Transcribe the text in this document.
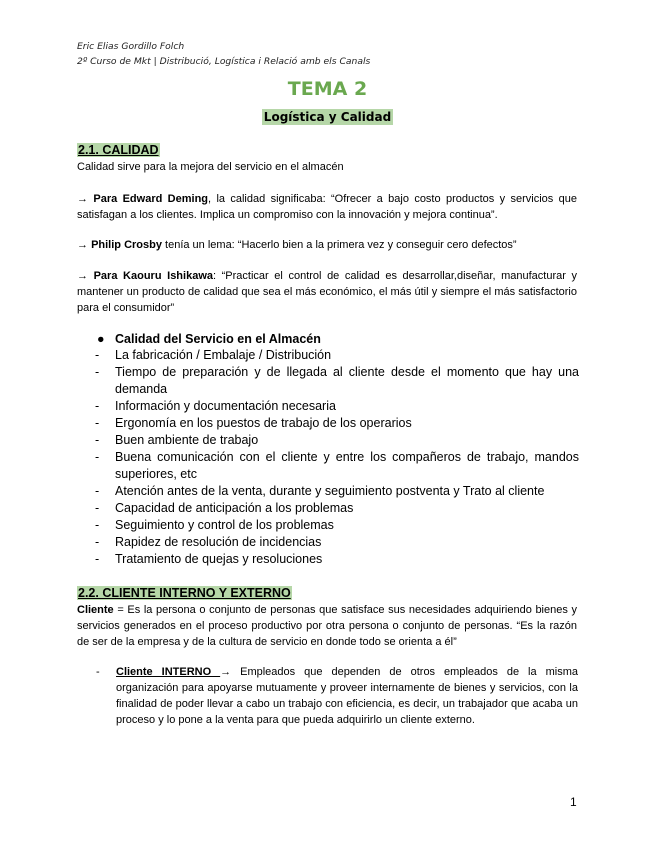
Eric Elias Gordillo Folch
2º Curso de Mkt | Distribució, Logística i Relació amb els Canals
TEMA 2
Logística y Calidad
2.1. CALIDAD
Calidad sirve para la mejora del servicio en el almacén
→ Para Edward Deming, la calidad significaba: “Ofrecer a bajo costo productos y servicios que satisfagan a los clientes. Implica un compromiso con la innovación y mejora continua”.
→ Philip Crosby tenía un lema: “Hacerlo bien a la primera vez y conseguir cero defectos”
→ Para Kaouru Ishikawa: “Practicar el control de calidad es desarrollar,diseñar, manufacturar y mantener un producto de calidad que sea el más económico, el más útil y siempre el más satisfactorio para el consumidor”
● Calidad del Servicio en el Almacén
- La fabricación / Embalaje / Distribución
- Tiempo de preparación y de llegada al cliente desde el momento que hay una demanda
- Información y documentación necesaria
- Ergonomía en los puestos de trabajo de los operarios
- Buen ambiente de trabajo
- Buena comunicación con el cliente y entre los compañeros de trabajo, mandos superiores, etc
- Atención antes de la venta, durante y seguimiento postventa y Trato al cliente
- Capacidad de anticipación a los problemas
- Seguimiento y control de los problemas
- Rapidez de resolución de incidencias
- Tratamiento de quejas y resoluciones
2.2. CLIENTE INTERNO Y EXTERNO
Cliente = Es la persona o conjunto de personas que satisface sus necesidades adquiriendo bienes y servicios generados en el proceso productivo por otra persona o conjunto de personas. “Es la razón de ser de la empresa y de la cultura de servicio en donde todo se orienta a él”
-	Cliente INTERNO → Empleados que dependen de otros empleados de la misma organización para apoyarse mutuamente y proveer internamente de bienes y servicios, con la finalidad de poder llevar a cabo un trabajo con eficiencia, es decir, un trabajador que acaba un proceso y lo pone a la venta para que pueda adquirirlo un cliente externo.
1
